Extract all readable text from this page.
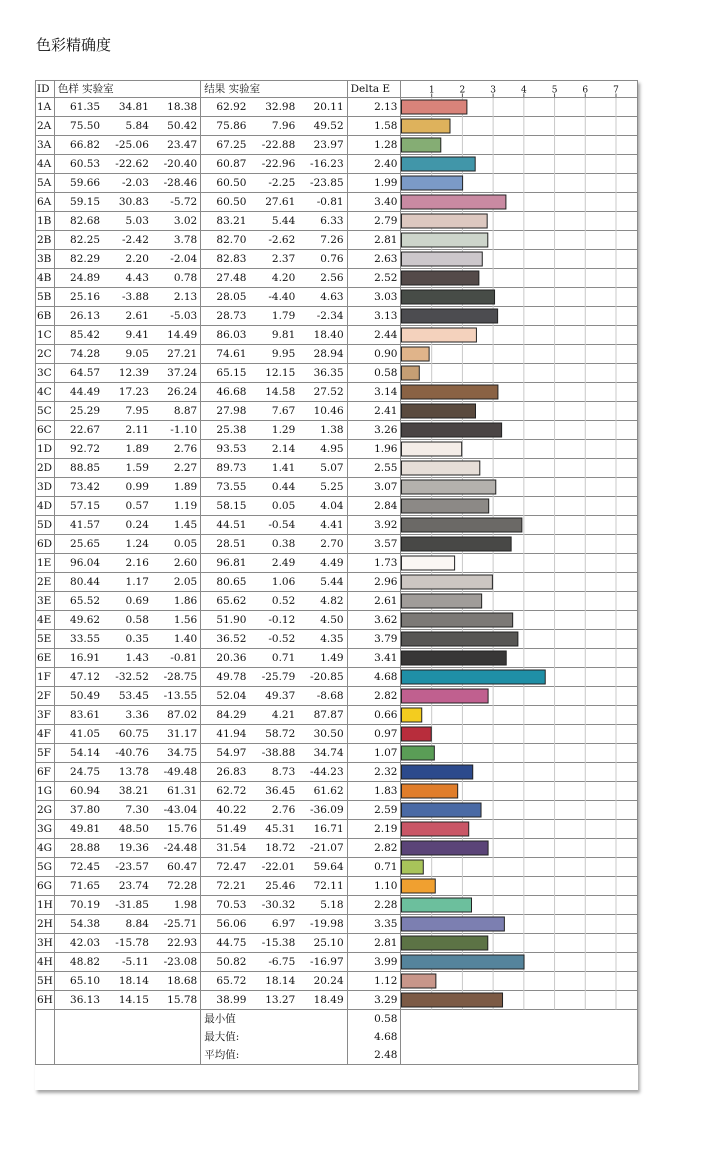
色彩精确度
ID	色样 实验室			结果 实验室			Delta E	
1A	61.35	34.81	18.38	62.92	32.98	20.11	2.13	
2A	75.50	5.84	50.42	75.86	7.96	49.52	1.58	
3A	66.82	-25.06	23.47	67.25	-22.88	23.97	1.28	
4A	60.53	-22.62	-20.40	60.87	-22.96	-16.23	2.40	
5A	59.66	-2.03	-28.46	60.50	-2.25	-23.85	1.99	
6A	59.15	30.83	-5.72	60.50	27.61	-0.81	3.40	
1B	82.68	5.03	3.02	83.21	5.44	6.33	2.79	
2B	82.25	-2.42	3.78	82.70	-2.62	7.26	2.81	
3B	82.29	2.20	-2.04	82.83	2.37	0.76	2.63	
4B	24.89	4.43	0.78	27.48	4.20	2.56	2.52	
5B	25.16	-3.88	2.13	28.05	-4.40	4.63	3.03	
6B	26.13	2.61	-5.03	28.73	1.79	-2.34	3.13	
1C	85.42	9.41	14.49	86.03	9.81	18.40	2.44	
2C	74.28	9.05	27.21	74.61	9.95	28.94	0.90	
3C	64.57	12.39	37.24	65.15	12.15	36.35	0.58	
4C	44.49	17.23	26.24	46.68	14.58	27.52	3.14	
5C	25.29	7.95	8.87	27.98	7.67	10.46	2.41	
6C	22.67	2.11	-1.10	25.38	1.29	1.38	3.26	
1D	92.72	1.89	2.76	93.53	2.14	4.95	1.96	
2D	88.85	1.59	2.27	89.73	1.41	5.07	2.55	
3D	73.42	0.99	1.89	73.55	0.44	5.25	3.07	
4D	57.15	0.57	1.19	58.15	0.05	4.04	2.84	
5D	41.57	0.24	1.45	44.51	-0.54	4.41	3.92	
6D	25.65	1.24	0.05	28.51	0.38	2.70	3.57	
1E	96.04	2.16	2.60	96.81	2.49	4.49	1.73	
2E	80.44	1.17	2.05	80.65	1.06	5.44	2.96	
3E	65.52	0.69	1.86	65.62	0.52	4.82	2.61	
4E	49.62	0.58	1.56	51.90	-0.12	4.50	3.62	
5E	33.55	0.35	1.40	36.52	-0.52	4.35	3.79	
6E	16.91	1.43	-0.81	20.36	0.71	1.49	3.41	
1F	47.12	-32.52	-28.75	49.78	-25.79	-20.85	4.68	
2F	50.49	53.45	-13.55	52.04	49.37	-8.68	2.82	
3F	83.61	3.36	87.02	84.29	4.21	87.87	0.66	
4F	41.05	60.75	31.17	41.94	58.72	30.50	0.97	
5F	54.14	-40.76	34.75	54.97	-38.88	34.74	1.07	
6F	24.75	13.78	-49.48	26.83	8.73	-44.23	2.32	
1G	60.94	38.21	61.31	62.72	36.45	61.62	1.83	
2G	37.80	7.30	-43.04	40.22	2.76	-36.09	2.59	
3G	49.81	48.50	15.76	51.49	45.31	16.71	2.19	
4G	28.88	19.36	-24.48	31.54	18.72	-21.07	2.82	
5G	72.45	-23.57	60.47	72.47	-22.01	59.64	0.71	
6G	71.65	23.74	72.28	72.21	25.46	72.11	1.10	
1H	70.19	-31.85	1.98	70.53	-30.32	5.18	2.28	
2H	54.38	8.84	-25.71	56.06	6.97	-19.98	3.35	
3H	42.03	-15.78	22.93	44.75	-15.38	25.10	2.81	
4H	48.82	-5.11	-23.08	50.82	-6.75	-16.97	3.99	
5H	65.10	18.14	18.68	65.72	18.14	20.24	1.12	
6H	36.13	14.15	15.78	38.99	13.27	18.49	3.29	
				最小值			0.58	
				最大值:			4.68	
				平均值:			2.48	
1	2	3	4	5	6	7
